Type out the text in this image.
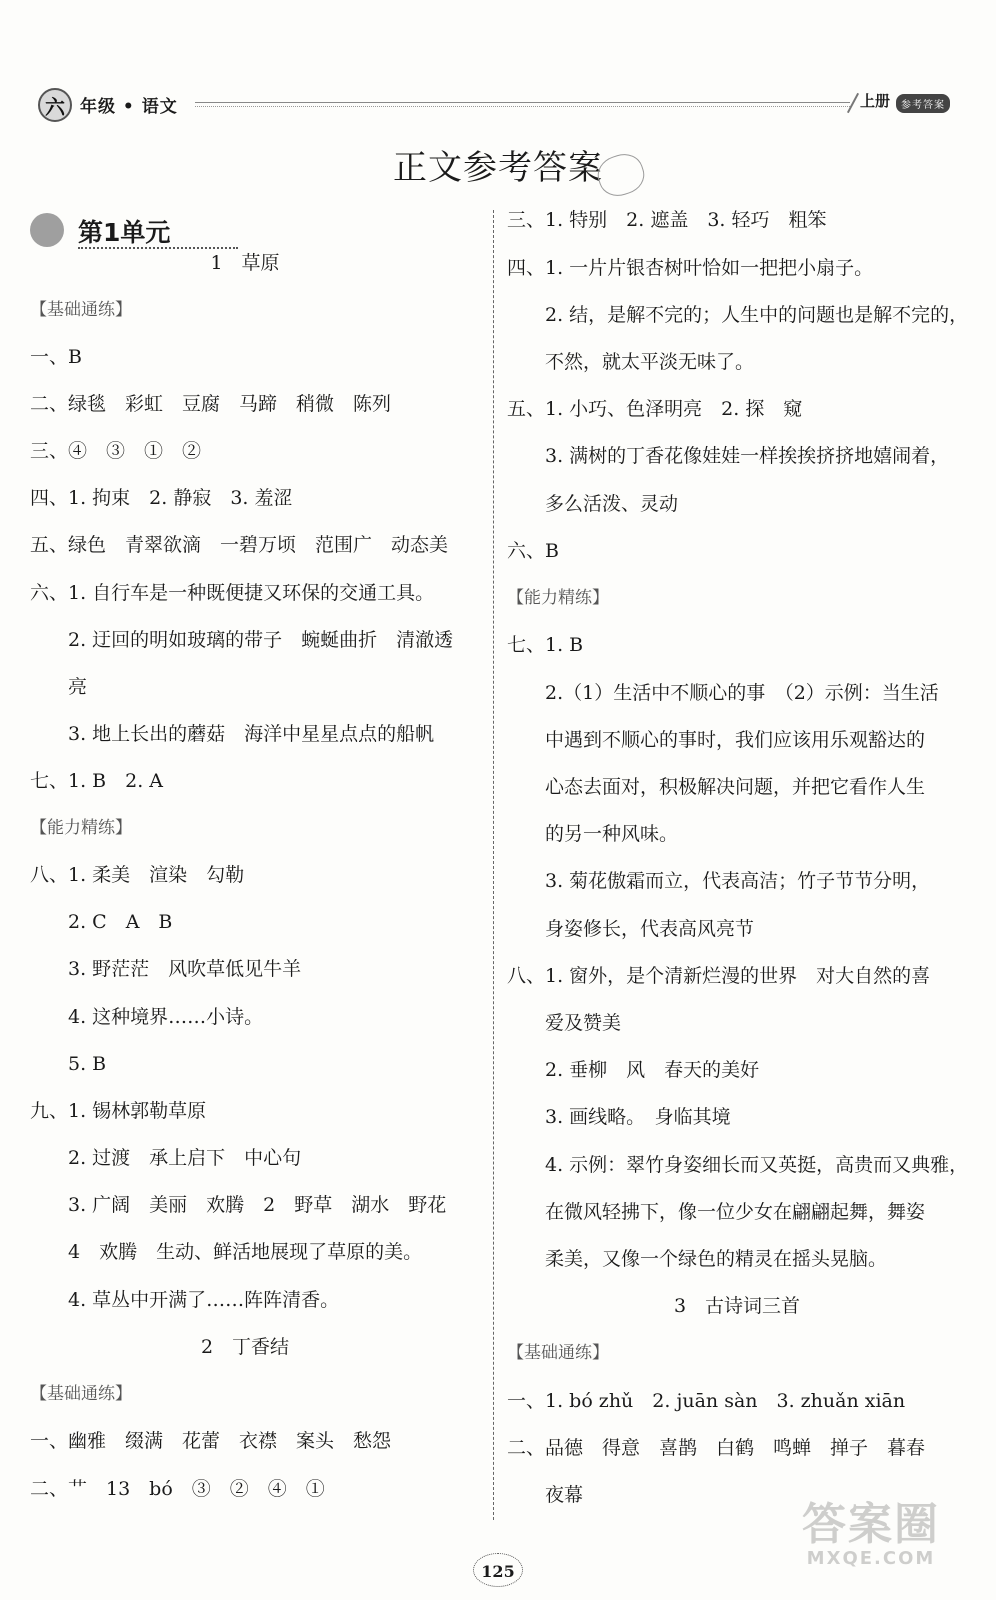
六 年级 • 语文	上册	参考答案
正文参考答案
第1单元
1　草原
【基础通练】
一、B
二、绿毯　彩虹　豆腐　马蹄　稍微　陈列
三、④　③　①　②
四、1. 拘束　2. 静寂　3. 羞涩
五、绿色　青翠欲滴　一碧万顷　范围广　动态美
六、1. 自行车是一种既便捷又环保的交通工具。
2. 迂回的明如玻璃的带子　蜿蜒曲折　清澈透
亮
3. 地上长出的蘑菇　海洋中星星点点的船帆
七、1. B　2. A
【能力精练】
八、1. 柔美　渲染　勾勒
2. C　A　B
3. 野茫茫　风吹草低见牛羊
4. 这种境界……小诗。
5. B
九、1. 锡林郭勒草原
2. 过渡　承上启下　中心句
3. 广阔　美丽　欢腾　2　野草　湖水　野花
4　欢腾　生动、鲜活地展现了草原的美。
4. 草丛中开满了……阵阵清香。
2　丁香结
【基础通练】
一、幽雅　缀满　花蕾　衣襟　案头　愁怨
二、艹　13　bó　③　②　④　①
三、1. 特别　2. 遮盖　3. 轻巧　粗笨
四、1. 一片片银杏树叶恰如一把把小扇子。
2. 结，是解不完的；人生中的问题也是解不完的，
不然，就太平淡无味了。
五、1. 小巧、色泽明亮　2. 探　窥
3. 满树的丁香花像娃娃一样挨挨挤挤地嬉闹着，
多么活泼、灵动
六、B
【能力精练】
七、1. B
2.（1）生活中不顺心的事　（2）示例：当生活
中遇到不顺心的事时，我们应该用乐观豁达的
心态去面对，积极解决问题，并把它看作人生
的另一种风味。
3. 菊花傲霜而立，代表高洁；竹子节节分明，
身姿修长，代表高风亮节
八、1. 窗外，是个清新烂漫的世界　对大自然的喜
爱及赞美
2. 垂柳　风　春天的美好
3. 画线略。　身临其境
4. 示例：翠竹身姿细长而又英挺，高贵而又典雅，
在微风轻拂下，像一位少女在翩翩起舞，舞姿
柔美，又像一个绿色的精灵在摇头晃脑。
3　古诗词三首
【基础通练】
一、1. bó zhǔ　2. juān sàn　3. zhuǎn xiān
二、品德　得意　喜鹊　白鹤　鸣蝉　掸子　暮春
夜幕
125
答案圈
MXQE.COM
